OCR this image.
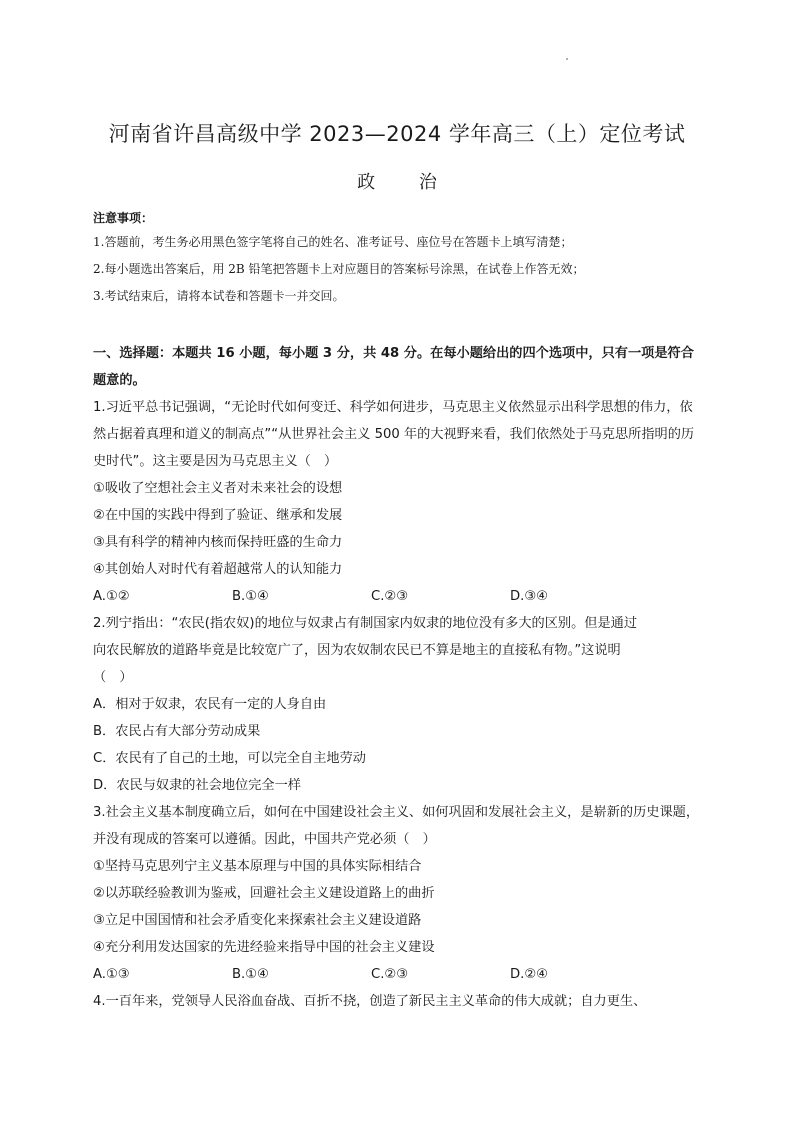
河南省许昌高级中学 2023—2024 学年高三（上）定位考试
政 治
注意事项：
1.答题前，考生务必用黑色签字笔将自己的姓名、准考证号、座位号在答题卡上填写清楚；
2.每小题选出答案后，用 2B 铅笔把答题卡上对应题目的答案标号涂黑，在试卷上作答无效；
3.考试结束后，请将本试卷和答题卡一并交回。
一、选择题：本题共 16 小题，每小题 3 分，共 48 分。在每小题给出的四个选项中，只有一项是符合题意的。
1.习近平总书记强调，“无论时代如何变迁、科学如何进步，马克思主义依然显示出科学思想的伟力，依然占据着真理和道义的制高点”“从世界社会主义 500 年的大视野来看，我们依然处于马克思所指明的历史时代”。这主要是因为马克思主义（　）
①吸收了空想社会主义者对未来社会的设想
②在中国的实践中得到了验证、继承和发展
③具有科学的精神内核而保持旺盛的生命力
④其创始人对时代有着超越常人的认知能力
A.①②	B.①④	C.②③	D.③④
2.列宁指出：“农民(指农奴)的地位与奴隶占有制国家内奴隶的地位没有多大的区别。但是通过
向农民解放的道路毕竟是比较宽广了，因为农奴制农民已不算是地主的直接私有物。”这说明
（　）
A．相对于奴隶，农民有一定的人身自由
B．农民占有大部分劳动成果
C．农民有了自己的土地，可以完全自主地劳动
D．农民与奴隶的社会地位完全一样
3.社会主义基本制度确立后，如何在中国建设社会主义、如何巩固和发展社会主义，是崭新的历史课题，并没有现成的答案可以遵循。因此，中国共产党必须（　）
①坚持马克思列宁主义基本原理与中国的具体实际相结合
②以苏联经验教训为鉴戒，回避社会主义建设道路上的曲折
③立足中国国情和社会矛盾变化来探索社会主义建设道路
④充分利用发达国家的先进经验来指导中国的社会主义建设
A.①③	B.①④	C.②③	D.②④
4.一百年来，党领导人民浴血奋战、百折不挠，创造了新民主主义革命的伟大成就；自力更生、
